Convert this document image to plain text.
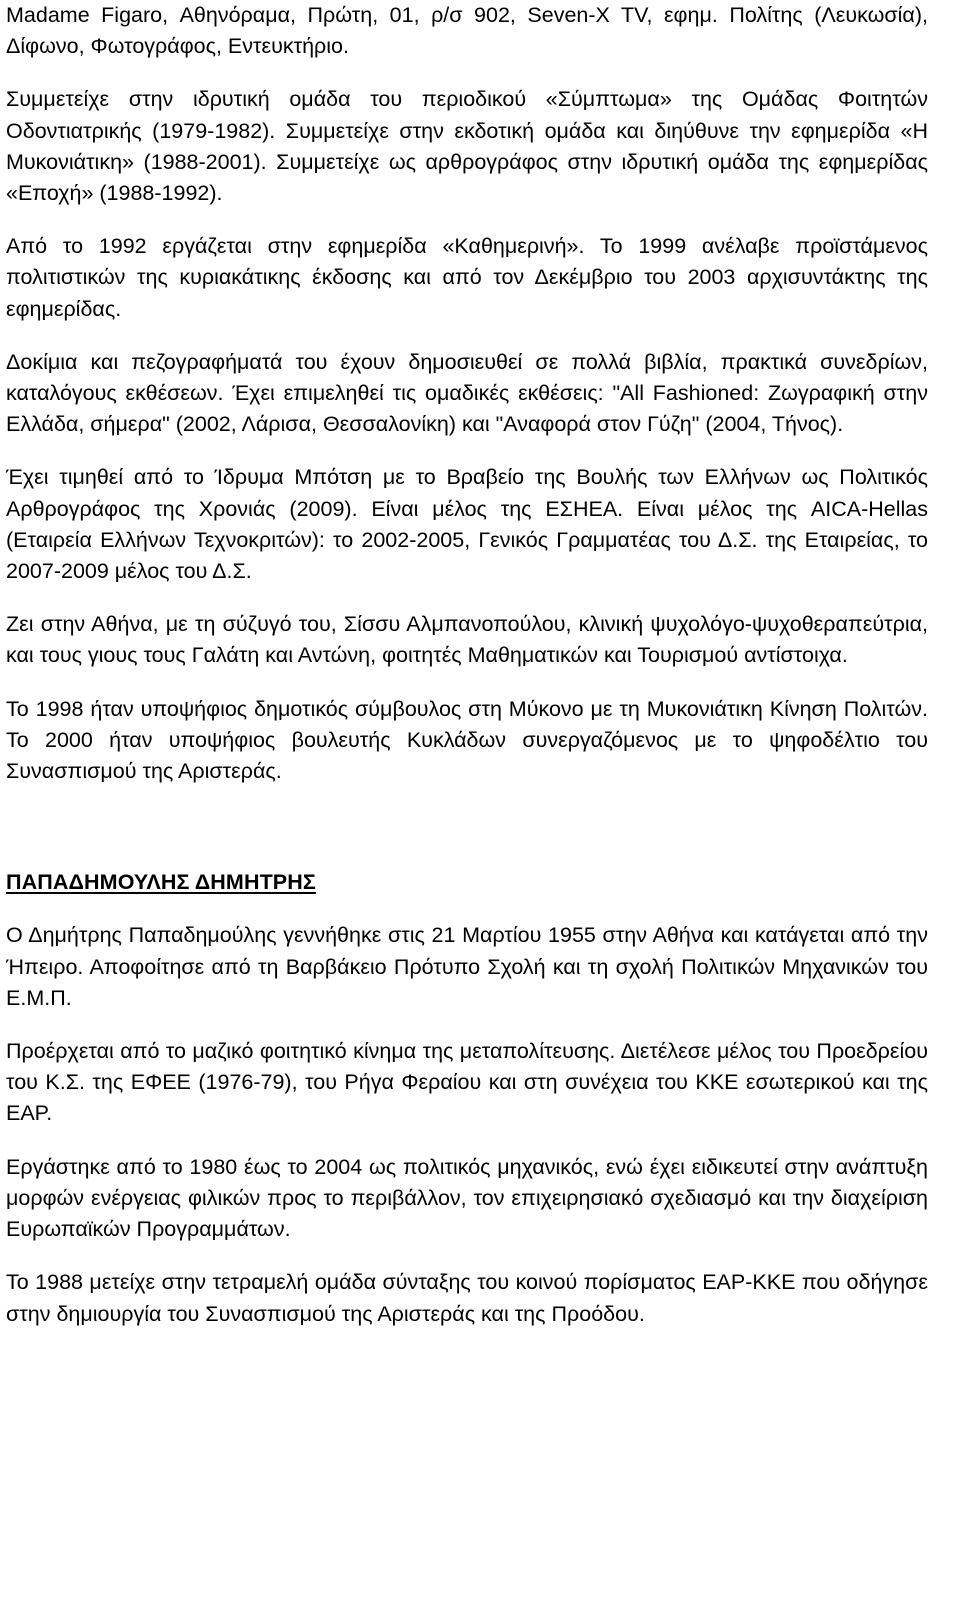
Madame Figaro, Αθηνόραμα, Πρώτη, 01, ρ/σ 902, Seven-X TV, εφημ. Πολίτης (Λευκωσία), Δίφωνο, Φωτογράφος, Εντευκτήριο.

Συμμετείχε στην ιδρυτική ομάδα του περιοδικού «Σύμπτωμα» της Ομάδας Φοιτητών Οδοντιατρικής (1979-1982). Συμμετείχε στην εκδοτική ομάδα και διηύθυνε την εφημερίδα «Η Μυκονιάτικη» (1988-2001). Συμμετείχε ως αρθρογράφος στην ιδρυτική ομάδα της εφημερίδας «Εποχή» (1988-1992).

Από το 1992 εργάζεται στην εφημερίδα «Καθημερινή». Το 1999 ανέλαβε προϊστάμενος πολιτιστικών της κυριακάτικης έκδοσης και από τον Δεκέμβριο του 2003 αρχισυντάκτης της εφημερίδας.

Δοκίμια και πεζογραφήματά του έχουν δημοσιευθεί σε πολλά βιβλία, πρακτικά συνεδρίων, καταλόγους εκθέσεων. Έχει επιμεληθεί τις ομαδικές εκθέσεις: "All Fashioned: Ζωγραφική στην Ελλάδα, σήμερα" (2002, Λάρισα, Θεσσαλονίκη) και "Αναφορά στον Γύζη" (2004, Τήνος).

Έχει τιμηθεί από το Ίδρυμα Μπότση με το Βραβείο της Βουλής των Ελλήνων ως Πολιτικός Αρθρογράφος της Χρονιάς (2009). Είναι μέλος της ΕΣΗΕΑ. Είναι μέλος της AICA-Hellas (Εταιρεία Ελλήνων Τεχνοκριτών): το 2002-2005, Γενικός Γραμματέας του Δ.Σ. της Εταιρείας, το 2007-2009 μέλος του Δ.Σ.

Ζει στην Αθήνα, με τη σύζυγό του, Σίσσυ Αλμπανοπούλου, κλινική ψυχολόγο-ψυχοθεραπεύτρια, και τους γιους τους Γαλάτη και Αντώνη, φοιτητές Μαθηματικών και Τουρισμού αντίστοιχα.

Το 1998 ήταν υποψήφιος δημοτικός σύμβουλος στη Μύκονο με τη Μυκονιάτικη Κίνηση Πολιτών. Το 2000 ήταν υποψήφιος βουλευτής Κυκλάδων συνεργαζόμενος με το ψηφοδέλτιο του Συνασπισμού της Αριστεράς.

ΠΑΠΑΔΗΜΟΥΛΗΣ ΔΗΜΗΤΡΗΣ

Ο Δημήτρης Παπαδημούλης γεννήθηκε στις 21 Μαρτίου 1955 στην Αθήνα και κατάγεται από την Ήπειρο. Αποφοίτησε από τη Βαρβάκειο Πρότυπο Σχολή και τη σχολή Πολιτικών Μηχανικών του Ε.Μ.Π.

Προέρχεται από το μαζικό φοιτητικό κίνημα της μεταπολίτευσης. Διετέλεσε μέλος του Προεδρείου του Κ.Σ. της ΕΦΕΕ (1976-79), του Ρήγα Φεραίου και στη συνέχεια του ΚΚΕ εσωτερικού και της ΕΑΡ.

Εργάστηκε από το 1980 έως το 2004 ως πολιτικός μηχανικός, ενώ έχει ειδικευτεί στην ανάπτυξη μορφών ενέργειας φιλικών προς το περιβάλλον, τον επιχειρησιακό σχεδιασμό και την διαχείριση Ευρωπαϊκών Προγραμμάτων.

Το 1988 μετείχε στην τετραμελή ομάδα σύνταξης του κοινού πορίσματος ΕΑΡ-ΚΚΕ που οδήγησε στην δημιουργία του Συνασπισμού της Αριστεράς και της Προόδου.
